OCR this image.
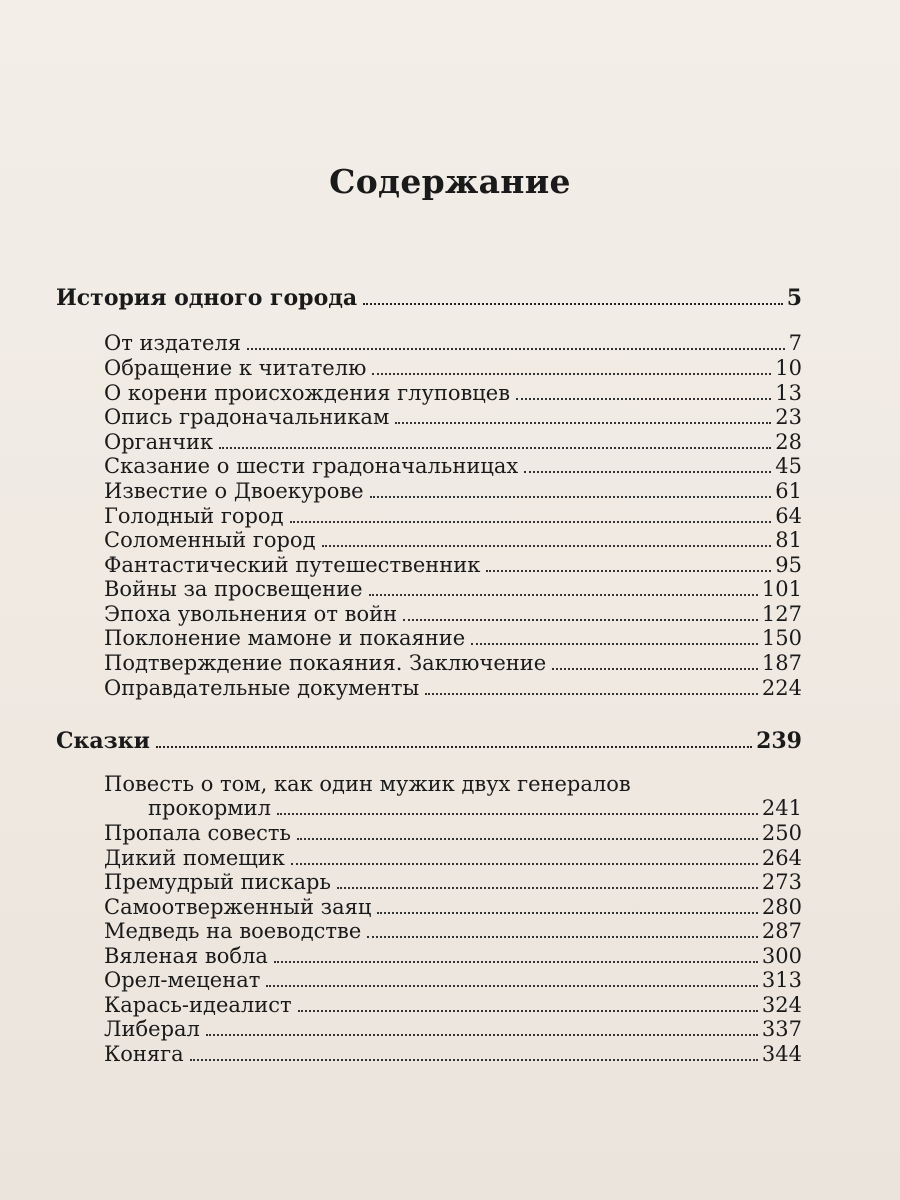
Содержание
История одного города	5
От издателя	7
Обращение к читателю	10
О корени происхождения глуповцев	13
Опись градоначальникам	23
Органчик	28
Сказание о шести градоначальницах	45
Известие о Двоекурове	61
Голодный город	64
Соломенный город	81
Фантастический путешественник	95
Войны за просвещение	101
Эпоха увольнения от войн	127
Поклонение мамоне и покаяние	150
Подтверждение покаяния. Заключение	187
Оправдательные документы	224
Сказки	239
Повесть о том, как один мужик двух генералов
прокормил	241
Пропала совесть	250
Дикий помещик	264
Премудрый пискарь	273
Самоотверженный заяц	280
Медведь на воеводстве	287
Вяленая вобла	300
Орел-меценат	313
Карась-идеалист	324
Либерал	337
Коняга	344
